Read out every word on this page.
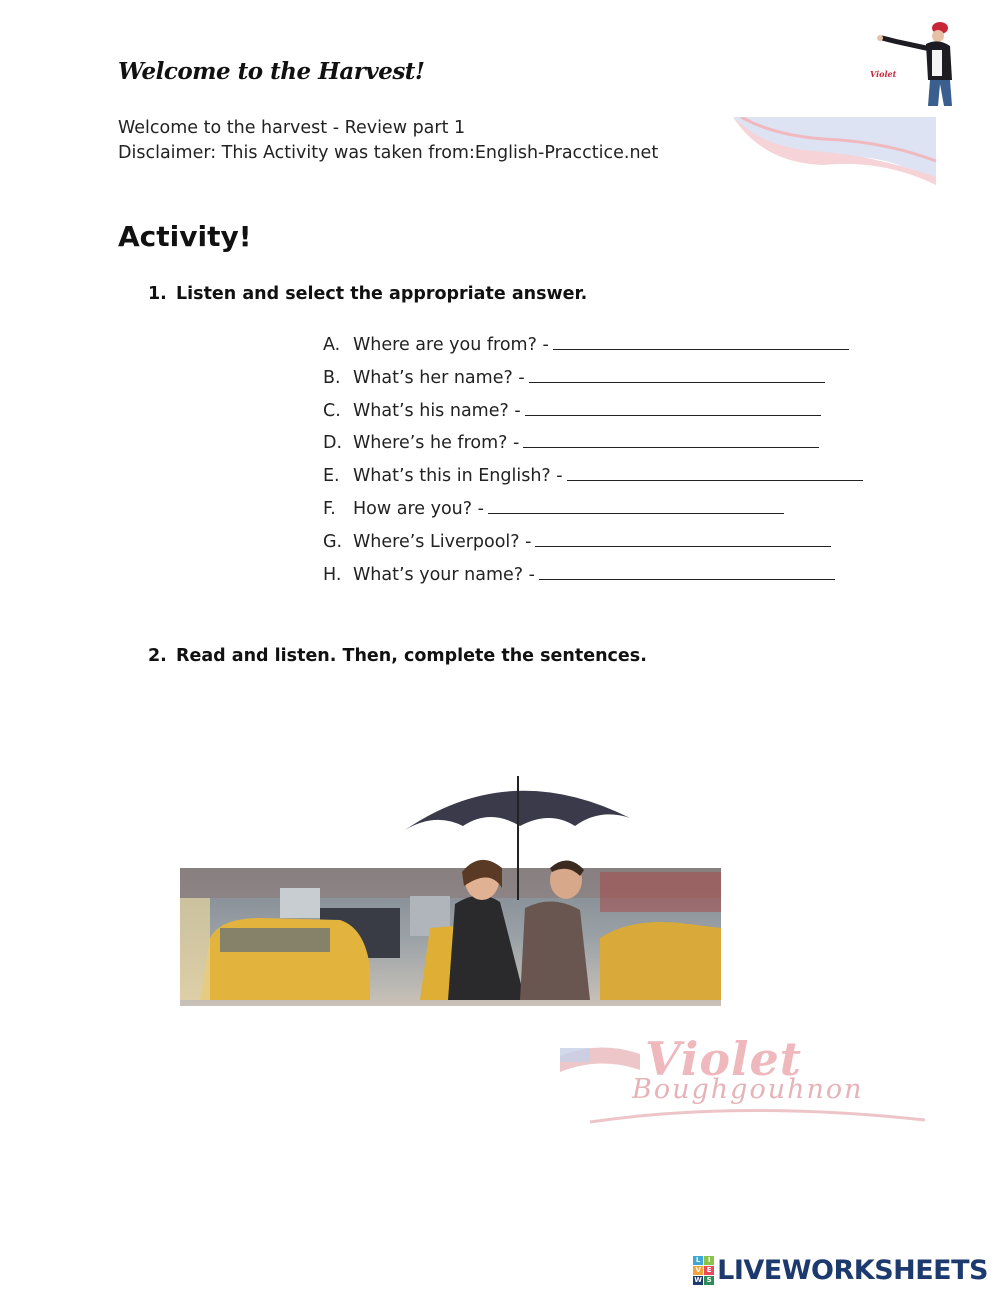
Welcome to the Harvest!
Welcome to the harvest - Review part 1
Disclaimer: This Activity was taken from:English-Pracctice.net
Violet
Activity!
1. Listen and select the appropriate answer.
A. Where are you from? -
B. What’s her name? -
C. What’s his name? -
D. Where’s he from? -
E. What’s this in English? -
F. How are you? -
G. Where’s Liverpool? -
H. What’s your name? -
2. Read and listen. Then, complete the sentences.
Violet
Boughgouhnon
L	I
V E
W S LIVEWORKSHEETS
